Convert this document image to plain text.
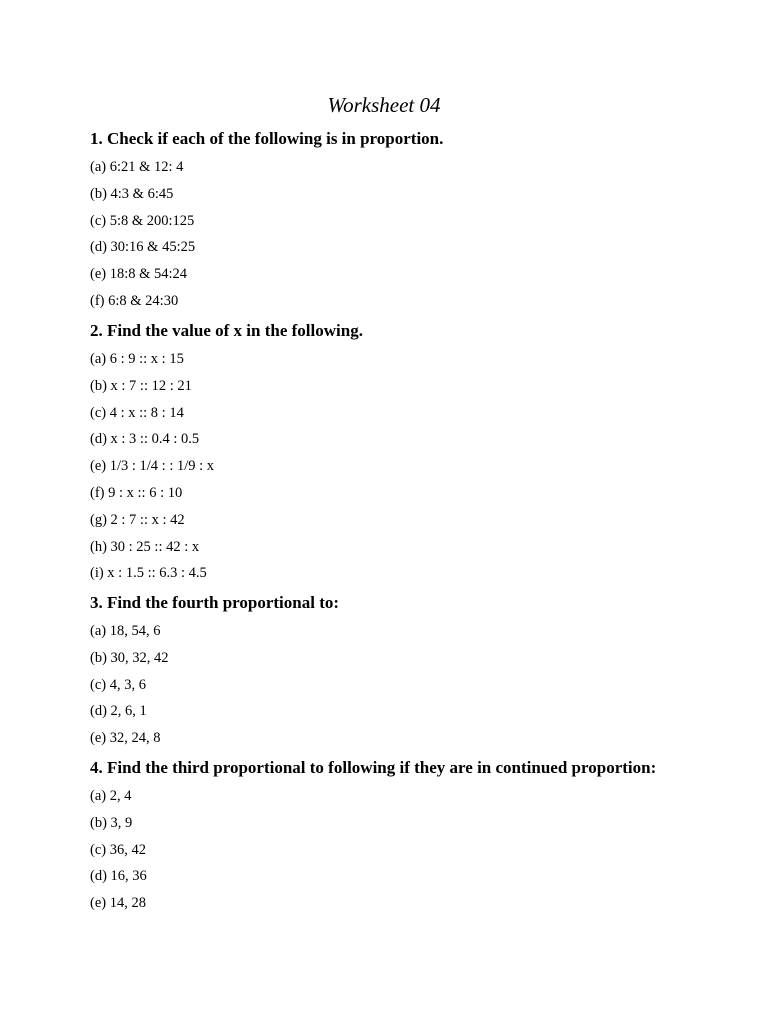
Worksheet 04
1. Check if each of the following is in proportion.
(a) 6:21 & 12: 4
(b) 4:3 & 6:45
(c) 5:8 & 200:125
(d) 30:16 & 45:25
(e) 18:8 & 54:24
(f) 6:8 & 24:30
2. Find the value of x in the following.
(a) 6 : 9 :: x : 15
(b) x : 7 :: 12 : 21
(c) 4 : x :: 8 : 14
(d) x : 3 :: 0.4 : 0.5
(e) 1/3 : 1/4 : : 1/9 : x
(f) 9 : x :: 6 : 10
(g) 2 : 7 :: x : 42
(h) 30 : 25 :: 42 : x
(i) x : 1.5 :: 6.3 : 4.5
3. Find the fourth proportional to:
(a) 18, 54, 6
(b) 30, 32, 42
(c) 4, 3, 6
(d) 2, 6, 1
(e) 32, 24, 8
4. Find the third proportional to following if they are in continued proportion:
(a) 2, 4
(b) 3, 9
(c) 36, 42
(d) 16, 36
(e) 14, 28
